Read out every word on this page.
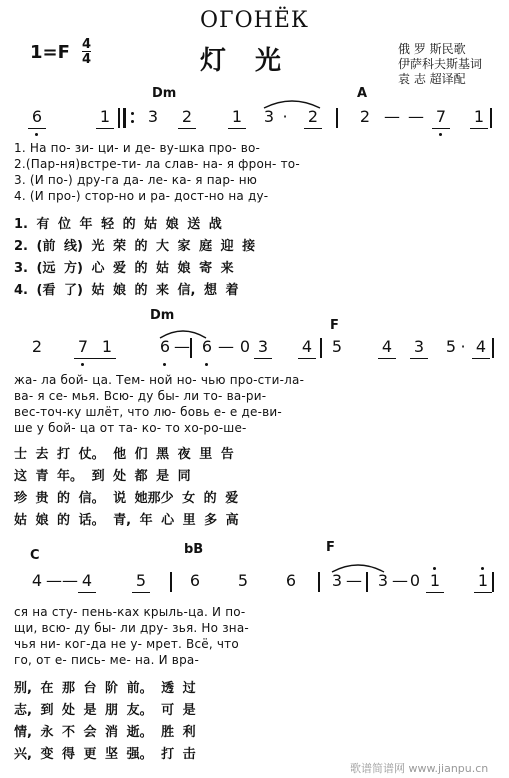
ОГОНЁК
1=F 4
4	灯 光	俄 罗 斯民歌
伊萨科夫斯基词
袁 志 超译配
Dm	A
6	1 3 2 1 3 · 2	2 — — 7 1
1. На по- зи- ци- и де- ву-шка про- во-
2.(Пар-ня)встре-ти- ла слав- на- я фрон- то-
3. (И по-) дру-га да- ле- ка- я пар- ню
4. (И про-) стор-но и ра- дост-но на ду-
1. 有 位 年 轻 的 姑 娘 送 战
2. (前 线) 光 荣 的 大 家 庭 迎 接
3. (远 方) 心 爱 的 姑 娘 寄 来
4. (看 了) 姑 娘 的 来 信, 想 着
Dm
F
2 7 1	6 — 6 — 0 3 4 5 4 3 5 · 4
жа- ла бой- ца. Тем- ной но- чью про-сти-ла-
ва- я се- мья. Всю- ду бы- ли то- ва-ри-
вес-точ-ку шлёт, что лю- бовь е- е де-ви-
ше у бой- ца от та- ко- то хо-ро-ше-
士 去 打 仗。 他 们 黑 夜 里 告
这 青 年。 到 处 都 是 同
珍 贵 的 信。 说 她那少 女 的 爱
姑 娘 的 话。 青, 年 心 里 多 高
C	bB	F
4 — — 4	5	6 5 6 3 — 3 — 0 1 1
ся на сту- пень-ках крыль-ца. И по-
щи, всю- ду бы- ли дру- зья. Но зна-
чья ни- ког-да не у- мрет. Всё, что
го, от е- пись- ме- на. И вра-
别, 在 那 台 阶 前。 透 过
志, 到 处 是 朋 友。 可 是
情, 永 不 会 消 逝。 胜 利
兴, 变 得 更 坚 强。 打 击
歌谱简谱网 www.jianpu.cn
